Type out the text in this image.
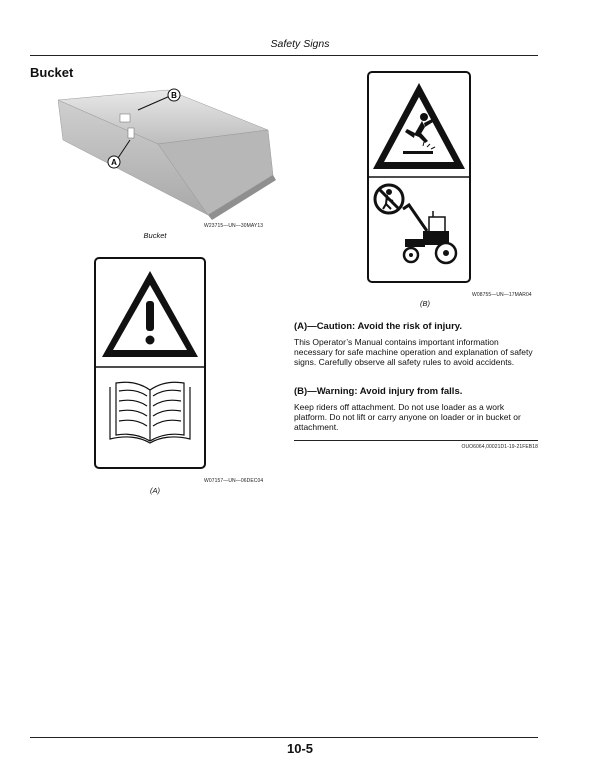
Safety Signs
Bucket
B
A
W23715—UN—30MAY13
Bucket
W07157—UN—06DEC04
(A)
W08755—UN—17MAR04
(B)
(A)—Caution: Avoid the risk of injury.
This Operator’s Manual contains important information necessary for safe machine operation and explanation of safety signs. Carefully observe all safety rules to avoid accidents.
(B)—Warning: Avoid injury from falls.
Keep riders off attachment. Do not use loader as a work platform. Do not lift or carry anyone on loader or in bucket or attachment.
OUO6064,00021D1-19-21FEB18
10-5
